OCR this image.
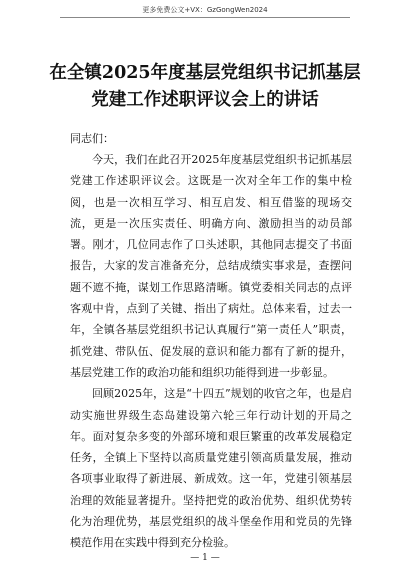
更多免费公文+VX：GzGongWen2024
在全镇2025年度基层党组织书记抓基层
党建工作述职评议会上的讲话
同志们：

今天，我们在此召开2025年度基层党组织书记抓基层党建工作述职评议会。这既是一次对全年工作的集中检阅，也是一次相互学习、相互启发、相互借鉴的现场交流，更是一次压实责任、明确方向、激励担当的动员部署。刚才，几位同志作了口头述职，其他同志提交了书面报告，大家的发言准备充分，总结成绩实事求是，查摆问题不遮不掩，谋划工作思路清晰。镇党委相关同志的点评客观中肯，点到了关键、指出了病灶。总体来看，过去一年，全镇各基层党组织书记认真履行“第一责任人”职责，抓党建、带队伍、促发展的意识和能力都有了新的提升，基层党建工作的政治功能和组织功能得到进一步彰显。

回顾2025年，这是“十四五”规划的收官之年，也是启动实施世界级生态岛建设第六轮三年行动计划的开局之年。面对复杂多变的外部环境和艰巨繁重的改革发展稳定任务，全镇上下坚持以高质量党建引领高质量发展，推动各项事业取得了新进展、新成效。这一年，党建引领基层治理的效能显著提升。坚持把党的政治优势、组织优势转化为治理优势，基层党组织的战斗堡垒作用和党员的先锋模范作用在实践中得到充分检验。

— 1 —
